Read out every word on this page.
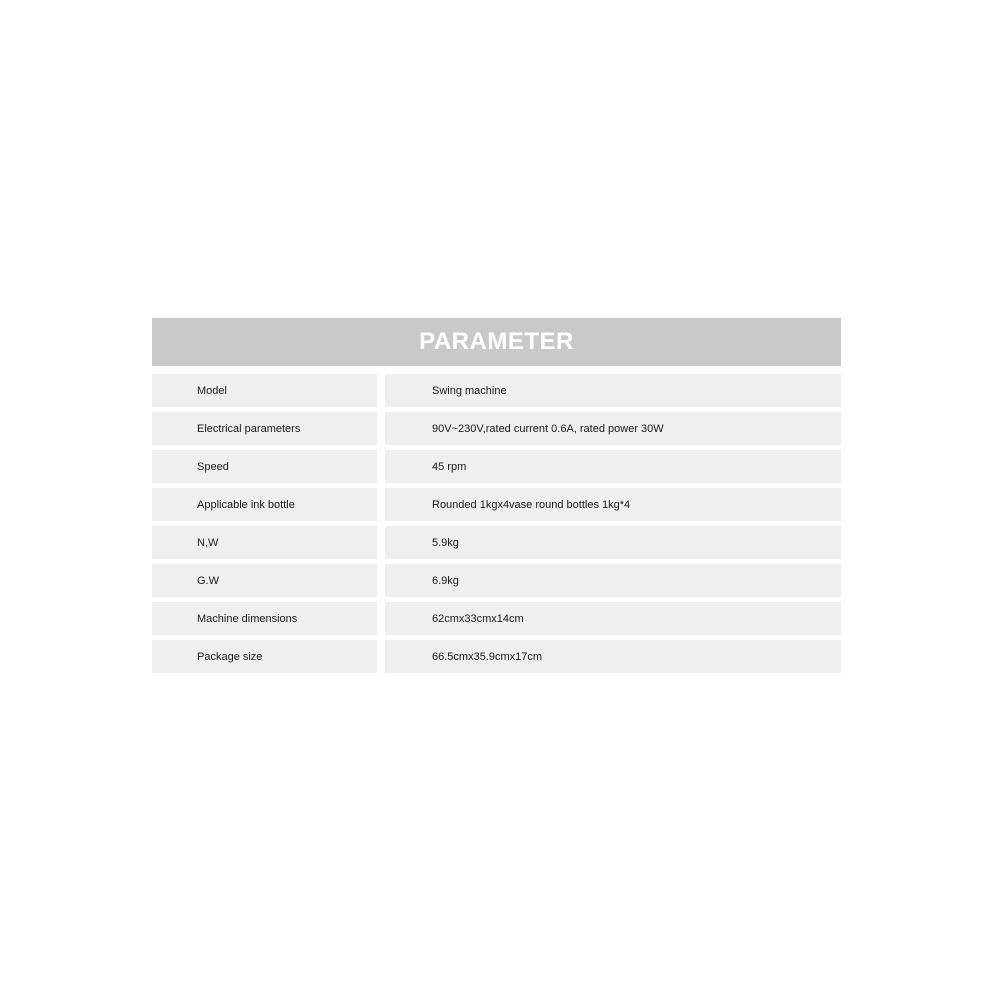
PARAMETER
Model	Swing machine
Electrical parameters	90V~230V,rated current 0.6A, rated power 30W
Speed	45 rpm
Applicable ink bottle	Rounded 1kgx4vase round bottles 1kg*4
N,W	5.9kg
G.W	6.9kg
Machine dimensions	62cmx33cmx14cm
Package size	66.5cmx35.9cmx17cm
